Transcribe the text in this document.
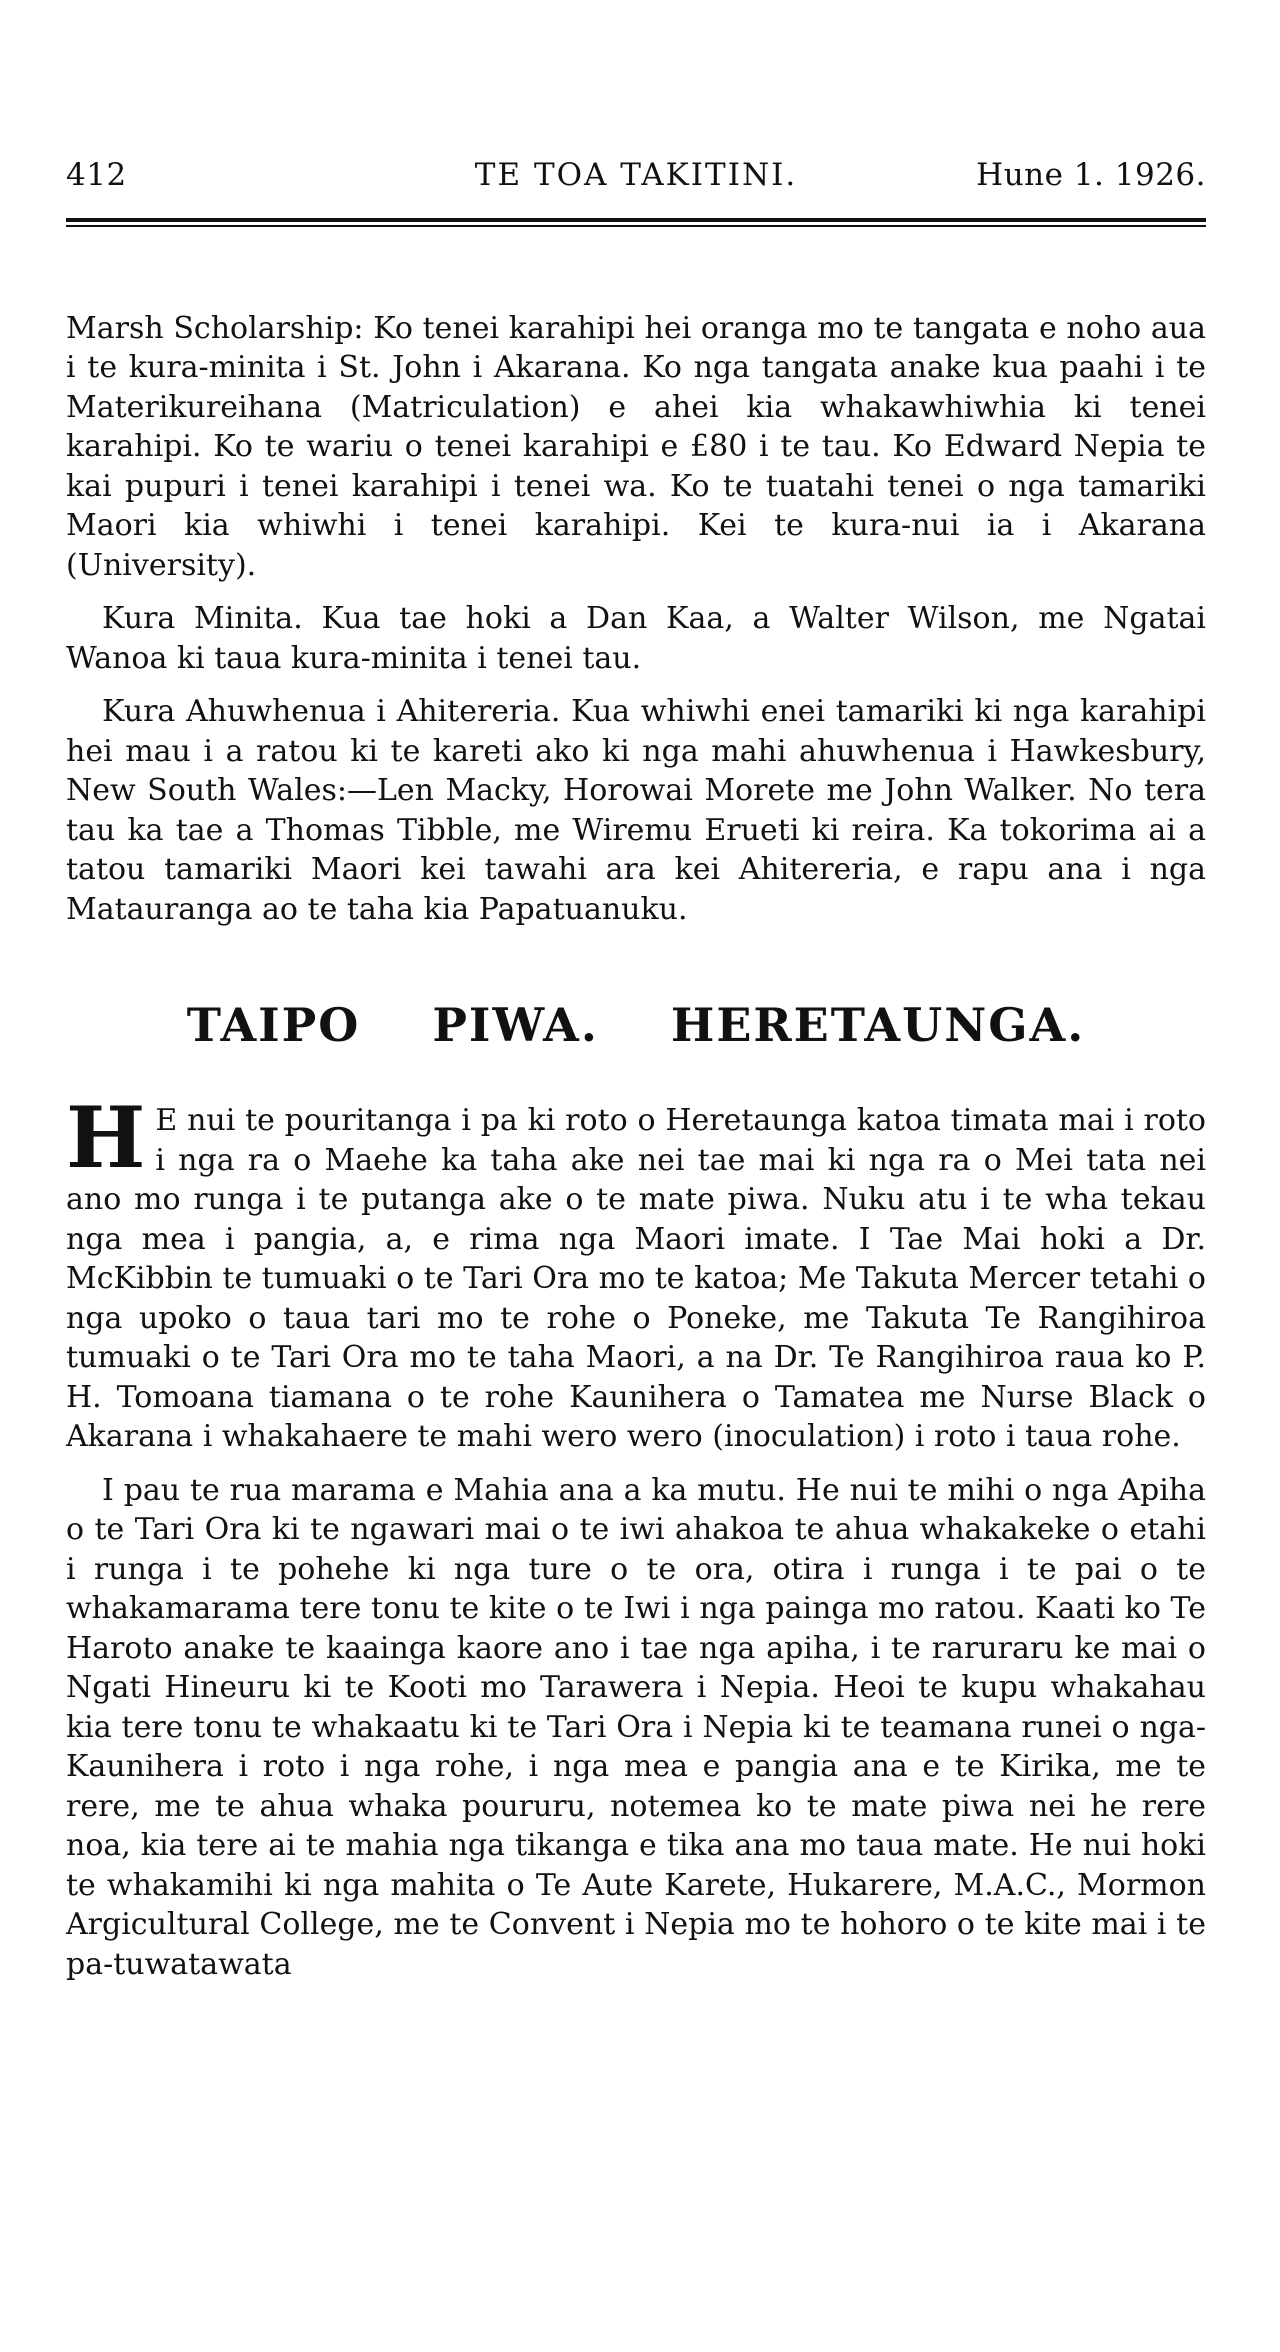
412	TE TOA TAKITINI.	Hune 1. 1926.

Marsh Scholarship: Ko tenei karahipi hei oranga mo te tangata e noho aua i te kura-minita i St. John i Akarana. Ko nga tangata anake kua paahi i te Materikureihana (Matriculation) e ahei kia whakawhiwhia ki tenei karahipi. Ko te wariu o tenei karahipi e £80 i te tau. Ko Edward Nepia te kai pupuri i tenei karahipi i tenei wa. Ko te tuatahi tenei o nga tamariki Maori kia whiwhi i tenei karahipi. Kei te kura-nui ia i Akarana (University).

Kura Minita. Kua tae hoki a Dan Kaa, a Walter Wilson, me Ngatai Wanoa ki taua kura-minita i tenei tau.

Kura Ahuwhenua i Ahitereria. Kua whiwhi enei tamariki ki nga karahipi hei mau i a ratou ki te kareti ako ki nga mahi ahuwhenua i Hawkesbury, New South Wales:—Len Macky, Horowai Morete me John Walker. No tera tau ka tae a Thomas Tibble, me Wiremu Erueti ki reira. Ka tokorima ai a tatou tamariki Maori kei tawahi ara kei Ahitereria, e rapu ana i nga Matauranga ao te taha kia Papatuanuku.

TAIPO PIWA. HERETAUNGA.

H E nui te pouritanga i pa ki roto o Heretaunga katoa timata mai i roto i nga ra o Maehe ka taha ake nei tae mai ki nga ra o Mei tata nei ano mo runga i te putanga ake o te mate piwa. Nuku atu i te wha tekau nga mea i pangia, a, e rima nga Maori imate. I Tae Mai hoki a Dr. McKibbin te tumuaki o te Tari Ora mo te katoa; Me Takuta Mercer tetahi o nga upoko o taua tari mo te rohe o Poneke, me Takuta Te Rangihiroa tumuaki o te Tari Ora mo te taha Maori, a na Dr. Te Rangihiroa raua ko P. H. Tomoana tiamana o te rohe Kaunihera o Tamatea me Nurse Black o Akarana i whakahaere te mahi wero wero (inoculation) i roto i taua rohe.

I pau te rua marama e Mahia ana a ka mutu. He nui te mihi o nga Apiha o te Tari Ora ki te ngawari mai o te iwi ahakoa te ahua whakakeke o etahi i runga i te pohehe ki nga ture o te ora, otira i runga i te pai o te whakamarama tere tonu te kite o te Iwi i nga painga mo ratou. Kaati ko Te Haroto anake te kaainga kaore ano i tae nga apiha, i te raruraru ke mai o Ngati Hineuru ki te Kooti mo Tarawera i Nepia. Heoi te kupu whakahau kia tere tonu te whakaatu ki te Tari Ora i Nepia ki te teamana runei o nga-Kaunihera i roto i nga rohe, i nga mea e pangia ana e te Kirika, me te rere, me te ahua whaka poururu, notemea ko te mate piwa nei he rere noa, kia tere ai te mahia nga tikanga e tika ana mo taua mate. He nui hoki te whakamihi ki nga mahita o Te Aute Karete, Hukarere, M.A.C., Mormon Argicultural College, me te Convent i Nepia mo te hohoro o te kite mai i te pa-tuwatawata
